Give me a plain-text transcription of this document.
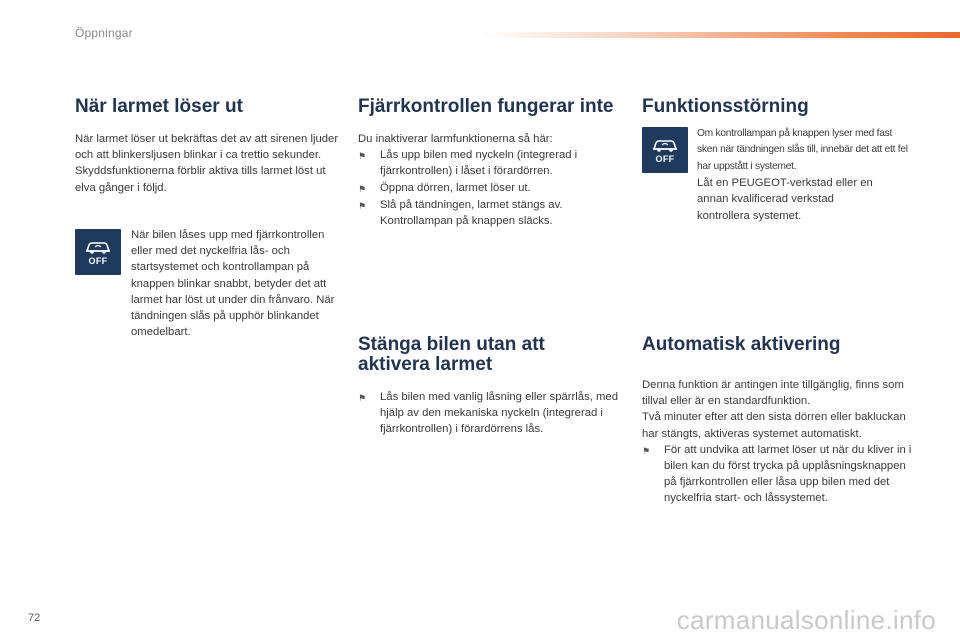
Öppningar
När larmet löser ut

När larmet löser ut bekräftas det av att sirenen ljuder och att blinkersljusen blinkar i ca trettio sekunder.

Skyddsfunktionerna förblir aktiva tills larmet löst ut elva gånger i följd.

OFF

När bilen låses upp med fjärrkontrollen eller med det nyckelfria lås- och startsystemet och kontrollampan på knappen blinkar snabbt, betyder det att larmet har löst ut under din frånvaro. När tändningen slås på upphör blinkandet omedelbart.

Fjärrkontrollen fungerar inte

Du inaktiverar larmfunktionerna så här:

⚑	Lås upp bilen med nyckeln (integrerad i fjärrkontrollen) i låset i förardörren.
⚑	Öppna dörren, larmet löser ut.
⚑	Slå på tändningen, larmet stängs av. Kontrollampan på knappen släcks.
Stänga bilen utan att aktivera larmet
⚑	Lås bilen med vanlig låsning eller spärrlås, med hjälp av den mekaniska nyckeln (integrerad i fjärrkontrollen) i förardörrens lås.
Funktionsstörning
OFF

Om kontrollampan på knappen lyser med fast sken när tändningen slås till, innebär det att ett fel har uppstått i systemet.

Låt en PEUGEOT-verkstad eller en annan kvalificerad verkstad kontrollera systemet.

Automatisk aktivering

Denna funktion är antingen inte tillgänglig, finns som tillval eller är en standardfunktion.

Två minuter efter att den sista dörren eller bakluckan har stängts, aktiveras systemet automatiskt.

⚑	För att undvika att larmet löser ut när du kliver in i bilen kan du först trycka på upplåsningsknappen på fjärrkontrollen eller låsa upp bilen med det nyckelfria start- och låssystemet.
72	carmanualsonline.info
